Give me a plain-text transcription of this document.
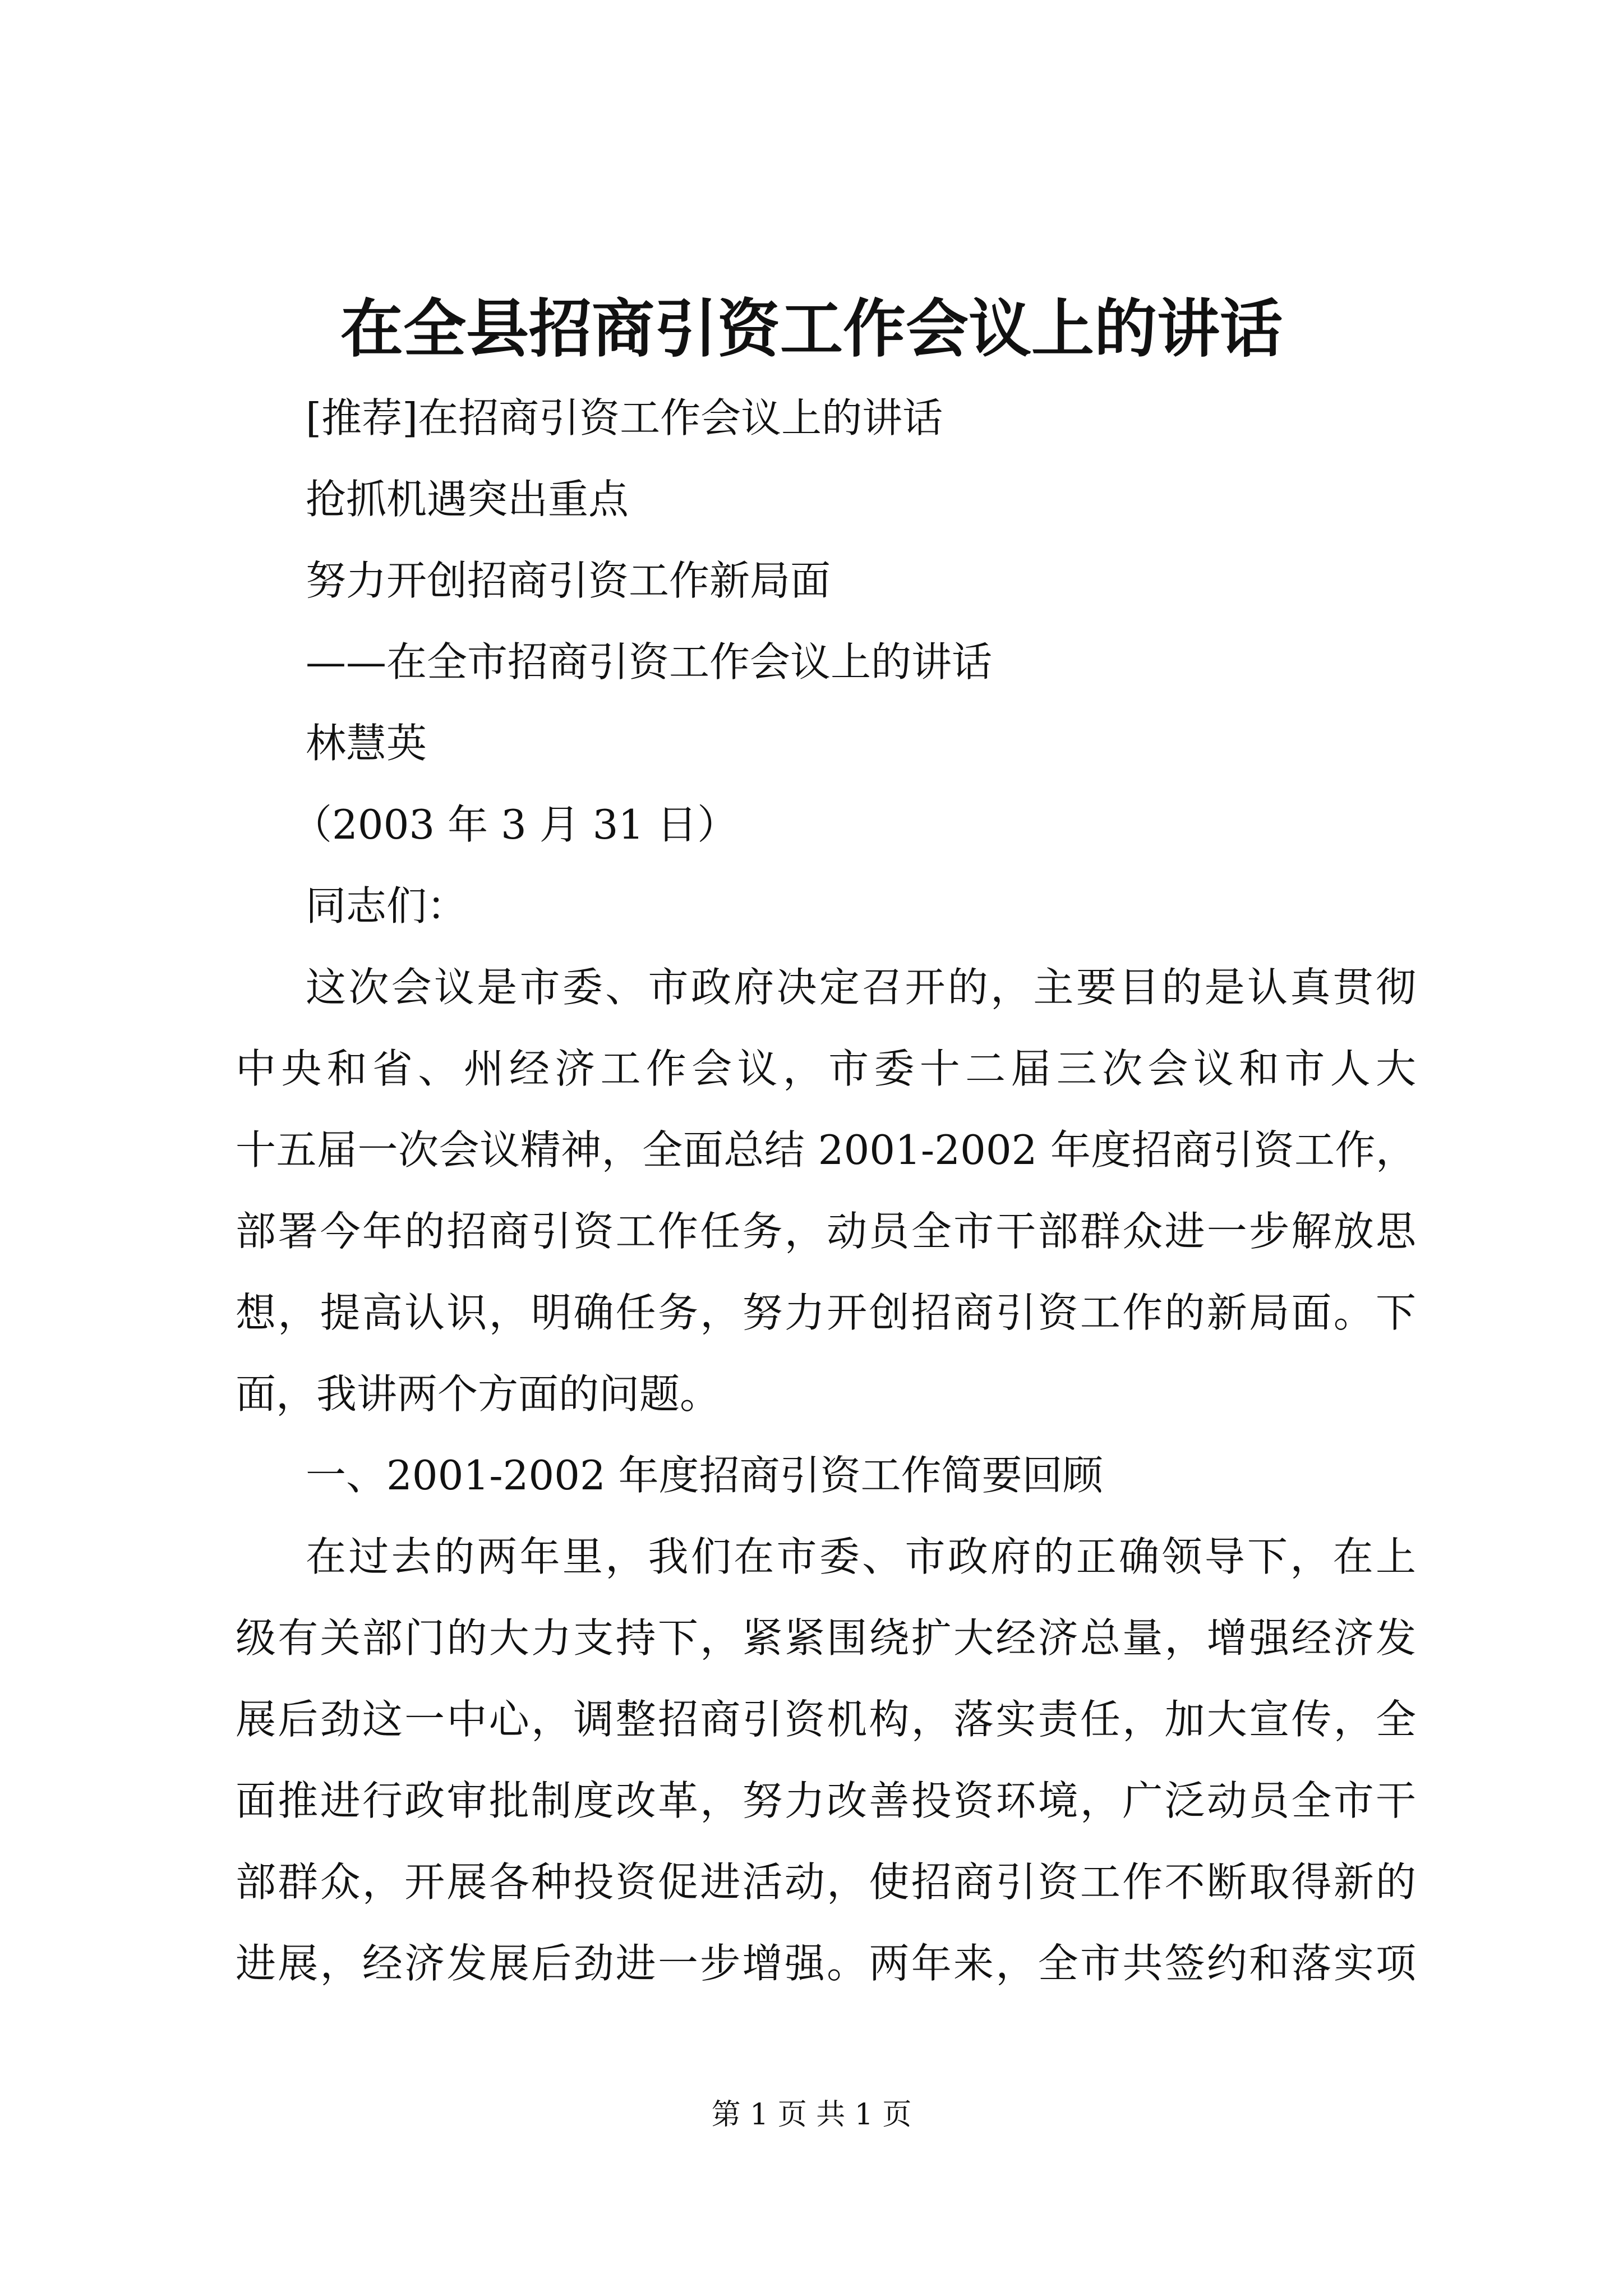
在全县招商引资工作会议上的讲话
[推荐]在招商引资工作会议上的讲话
抢抓机遇突出重点
努力开创招商引资工作新局面
——在全市招商引资工作会议上的讲话
林慧英
（2003 年 3 月 31 日）
同志们：
这次会议是市委、市政府决定召开的，主要目的是认真贯彻
中央和省、州经济工作会议，市委十二届三次会议和市人大
十五届一次会议精神，全面总结 2001-2002 年度招商引资工作，
部署今年的招商引资工作任务，动员全市干部群众进一步解放思
想，提高认识，明确任务，努力开创招商引资工作的新局面。下
面，我讲两个方面的问题。
一、2001-2002 年度招商引资工作简要回顾
在过去的两年里，我们在市委、市政府的正确领导下，在上
级有关部门的大力支持下，紧紧围绕扩大经济总量，增强经济发
展后劲这一中心，调整招商引资机构，落实责任，加大宣传，全
面推进行政审批制度改革，努力改善投资环境，广泛动员全市干
部群众，开展各种投资促进活动，使招商引资工作不断取得新的
进展，经济发展后劲进一步增强。两年来，全市共签约和落实项
第 1 页 共 1 页
